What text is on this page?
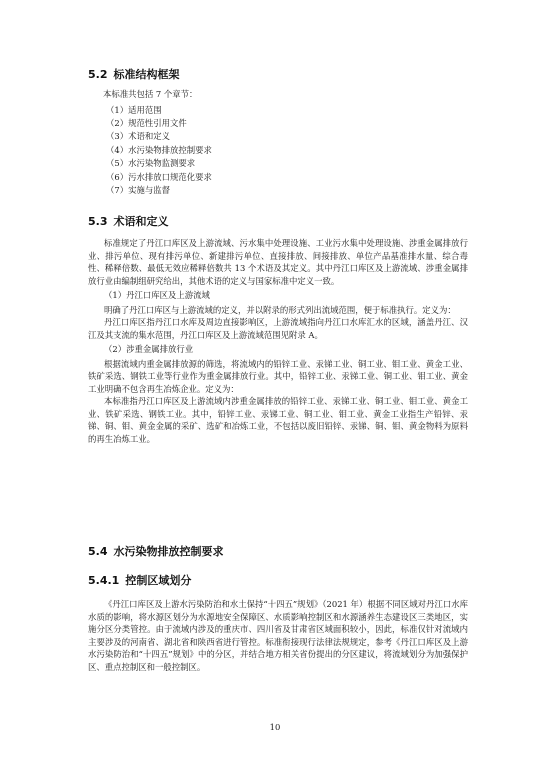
5.2 标准结构框架

本标准共包括 7 个章节：

（1）适用范围
（2）规范性引用文件
（3）术语和定义
（4）水污染物排放控制要求
（5）水污染物监测要求
（6）污水排放口规范化要求
（7）实施与监督
5.3 术语和定义

标准规定了丹江口库区及上游流域、污水集中处理设施、工业污水集中处理设施、涉重金属排放行业、排污单位、现有排污单位、新建排污单位、直接排放、间接排放、单位产品基准排水量、综合毒性、稀释倍数、最低无效应稀释倍数共 13 个术语及其定义。其中丹江口库区及上游流域、涉重金属排放行业由编制组研究给出，其他术语的定义与国家标准中定义一致。

（1）丹江口库区及上游流域

明确了丹江口库区与上游流域的定义，并以附录的形式列出流域范围，便于标准执行。定义为：

丹江口库区指丹江口水库及周边直接影响区，上游流域指向丹江口水库汇水的区域，涵盖丹江、汉江及其支流的集水范围，丹江口库区及上游流域范围见附录 A。

（2）涉重金属排放行业

根据流域内重金属排放源的筛选，将流域内的铅锌工业、汞锑工业、铜工业、钼工业、黄金工业、铁矿采选、钢铁工业等行业作为重金属排放行业。其中，铅锌工业、汞锑工业、铜工业、钼工业、黄金工业明确不包含再生冶炼企业。定义为：

本标准指丹江口库区及上游流域内涉重金属排放的铅锌工业、汞锑工业、铜工业、钼工业、黄金工业、铁矿采选、钢铁工业。其中，铅锌工业、汞锑工业、铜工业、钼工业、黄金工业指生产铅锌、汞锑、铜、钼、黄金金属的采矿、选矿和冶炼工业，不包括以废旧铅锌、汞锑、铜、钼、黄金物料为原料的再生冶炼工业。

5.4 水污染物排放控制要求
5.4.1 控制区域划分

《丹江口库区及上游水污染防治和水土保持“十四五”规划》（2021 年）根据不同区域对丹江口水库水质的影响，将水源区划分为水源地安全保障区、水质影响控制区和水源涵养生态建设区三类地区，实施分区分类管控。由于流域内涉及的重庆市、四川省及甘肃省区域面积较小，因此，标准仅针对流域内主要涉及的河南省、湖北省和陕西省进行管控。标准衔接现行法律法规规定，参考《丹江口库区及上游水污染防治和“十四五”规划》中的分区，并结合地方相关省份提出的分区建议，将流域划分为加强保护区、重点控制区和一般控制区。

10
